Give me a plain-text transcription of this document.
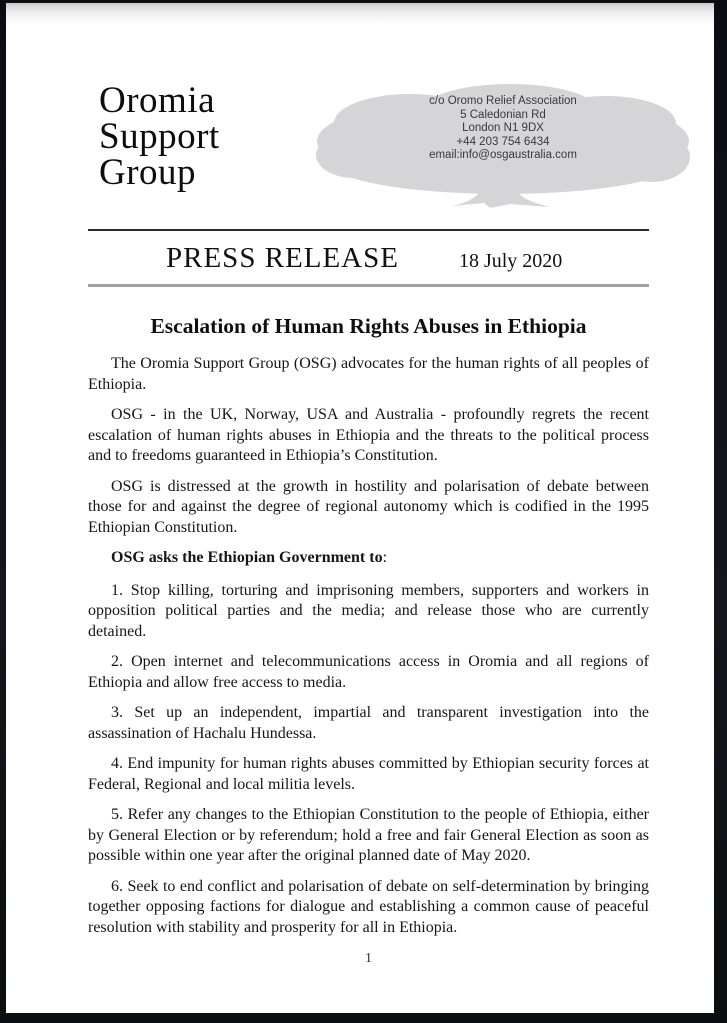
Oromia
Support
Group
c/o Oromo Relief Association
5 Caledonian Rd
London N1 9DX
+44 203 754 6434
email:info@osgaustralia.com
PRESS RELEASE	18 July 2020
Escalation of Human Rights Abuses in Ethiopia

The Oromia Support Group (OSG) advocates for the human rights of all peoples of Ethiopia.

OSG - in the UK, Norway, USA and Australia - profoundly regrets the recent escalation of human rights abuses in Ethiopia and the threats to the political process and to freedoms guaranteed in Ethiopia’s Constitution.

OSG is distressed at the growth in hostility and polarisation of debate between those for and against the degree of regional autonomy which is codified in the 1995 Ethiopian Constitution.

OSG asks the Ethiopian Government to:

1. Stop killing, torturing and imprisoning members, supporters and workers in opposition political parties and the media; and release those who are currently detained.

2. Open internet and telecommunications access in Oromia and all regions of Ethiopia and allow free access to media.

3. Set up an independent, impartial and transparent investigation into the assassination of Hachalu Hundessa.

4. End impunity for human rights abuses committed by Ethiopian security forces at Federal, Regional and local militia levels.

5. Refer any changes to the Ethiopian Constitution to the people of Ethiopia, either by General Election or by referendum; hold a free and fair General Election as soon as possible within one year after the original planned date of May 2020.

6. Seek to end conflict and polarisation of debate on self-determination by bringing together opposing factions for dialogue and establishing a common cause of peaceful resolution with stability and prosperity for all in Ethiopia.

1
